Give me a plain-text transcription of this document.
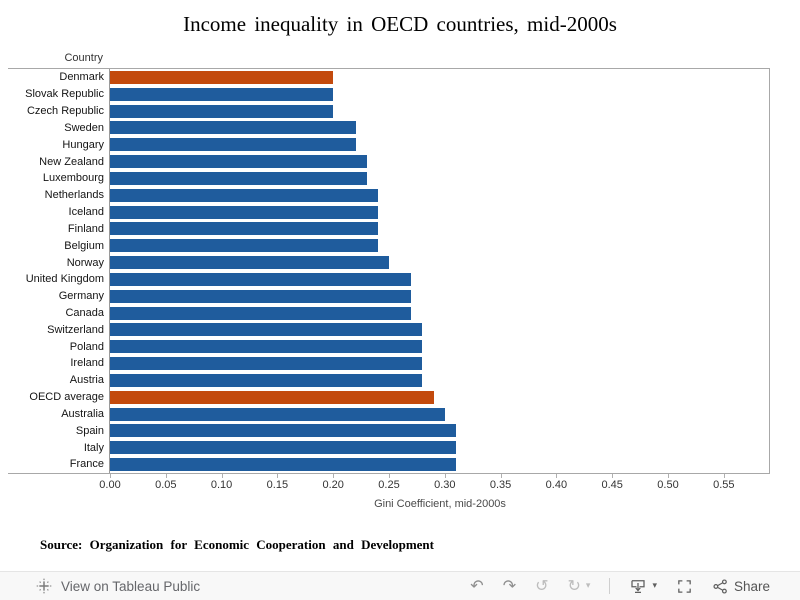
Income inequality in OECD countries, mid-2000s
Country
Denmark
Slovak Republic
Czech Republic
Sweden
Hungary
New Zealand
Luxembourg
Netherlands
Iceland
Finland
Belgium
Norway
United Kingdom
Germany
Canada
Switzerland
Poland
Ireland
Austria
OECD average
Australia
Spain
Italy
France
0.00	0.05	0.10	0.15	0.20	0.25	0.30	0.35	0.40	0.45	0.50	0.55
Gini Coefficient, mid-2000s
Source: Organization for Economic Cooperation and Development
View on Tableau Public	↶ ↷ ↺ ↻ ▾	▾	Share
